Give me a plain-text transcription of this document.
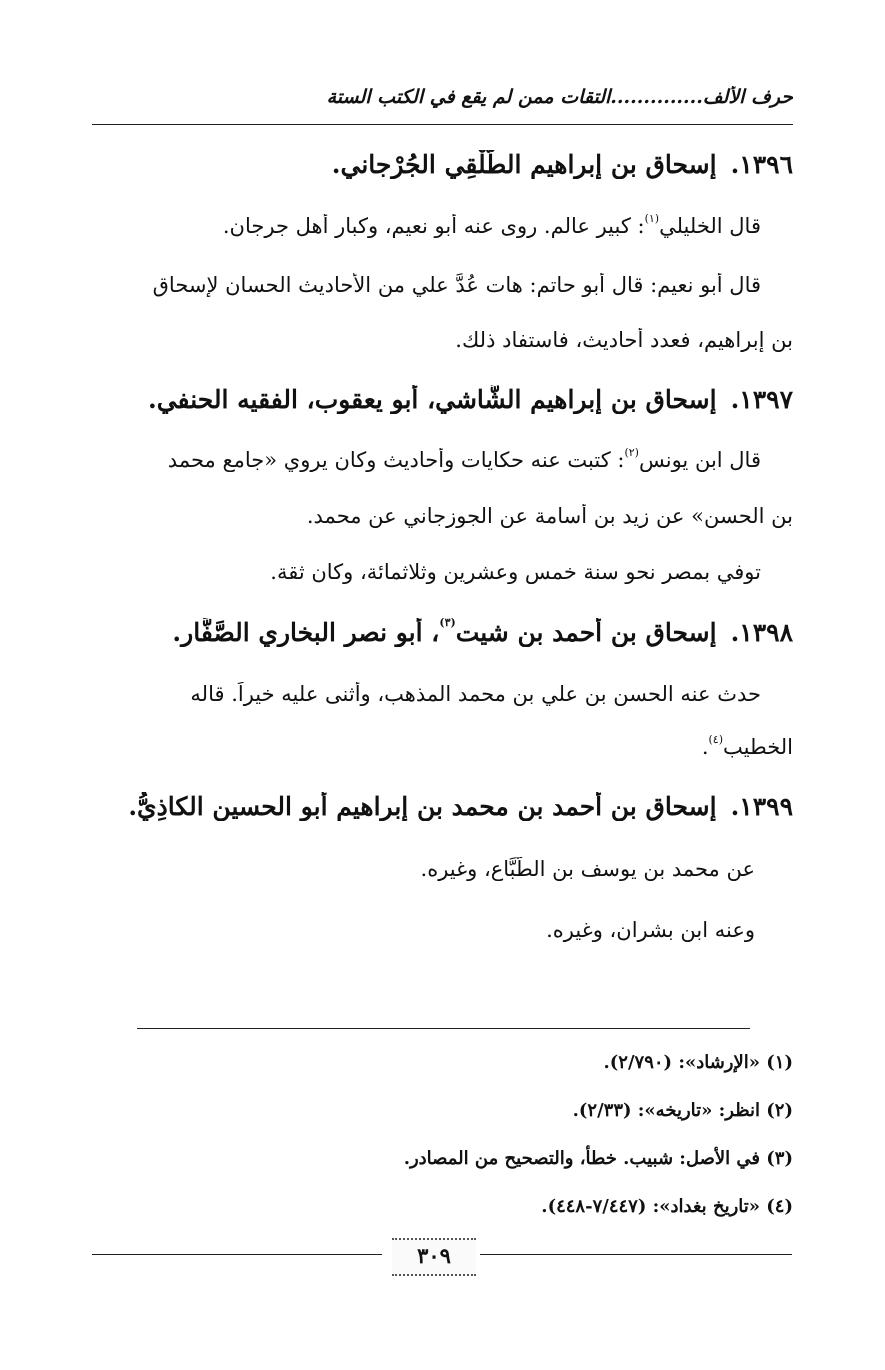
حرف الألف..............التقات ممن لم يقع في الكتب الستة
١٣٩٦.إسحاق بن إبراهيم الطَّلْقِي الجُرْجاني.
قال الخليلي$^{(١)}$: كبير عالم. روى عنه أبو نعيم، وكبار أهل جرجان.
قال أبو نعيم: قال أبو حاتم: هات عُدَّ علي من الأحاديث الحسان لإسحاق
بن إبراهيم، فعدد أحاديث، فاستفاد ذلك.
١٣٩٧.إسحاق بن إبراهيم الشَّاشي، أبو يعقوب، الفقيه الحنفي.
قال ابن يونس$^{(٢)}$: كتبت عنه حكايات وأحاديث وكان يروي «جامع محمد
بن الحسن» عن زيد بن أسامة عن الجوزجاني عن محمد.
توفي بمصر نحو سنة خمس وعشرين وثلاثمائة، وكان ثقة.
١٣٩٨.إسحاق بن أحمد بن شيت$^{(٣)}$، أبو نصر البخاري الصَّفَّار.
حدث عنه الحسن بن علي بن محمد المذهب، وأثنى عليه خيراً. قاله
الخطيب$^{(٤)}$.
١٣٩٩.إسحاق بن أحمد بن محمد بن إبراهيم أبو الحسين الكاذِيُّ.
عن محمد بن يوسف بن الطَّبَّاع، وغيره.
وعنه ابن بشران، وغيره.
(١) «الإرشاد»: (٢/٧٩٠).
(٢) انظر: «تاريخه»: (٢/٣٣).
(٣) في الأصل: شبيب. خطأ، والتصحيح من المصادر.
(٤) «تاريخ بغداد»: (٧/٤٤٧-٤٤٨).
٣٠٩
